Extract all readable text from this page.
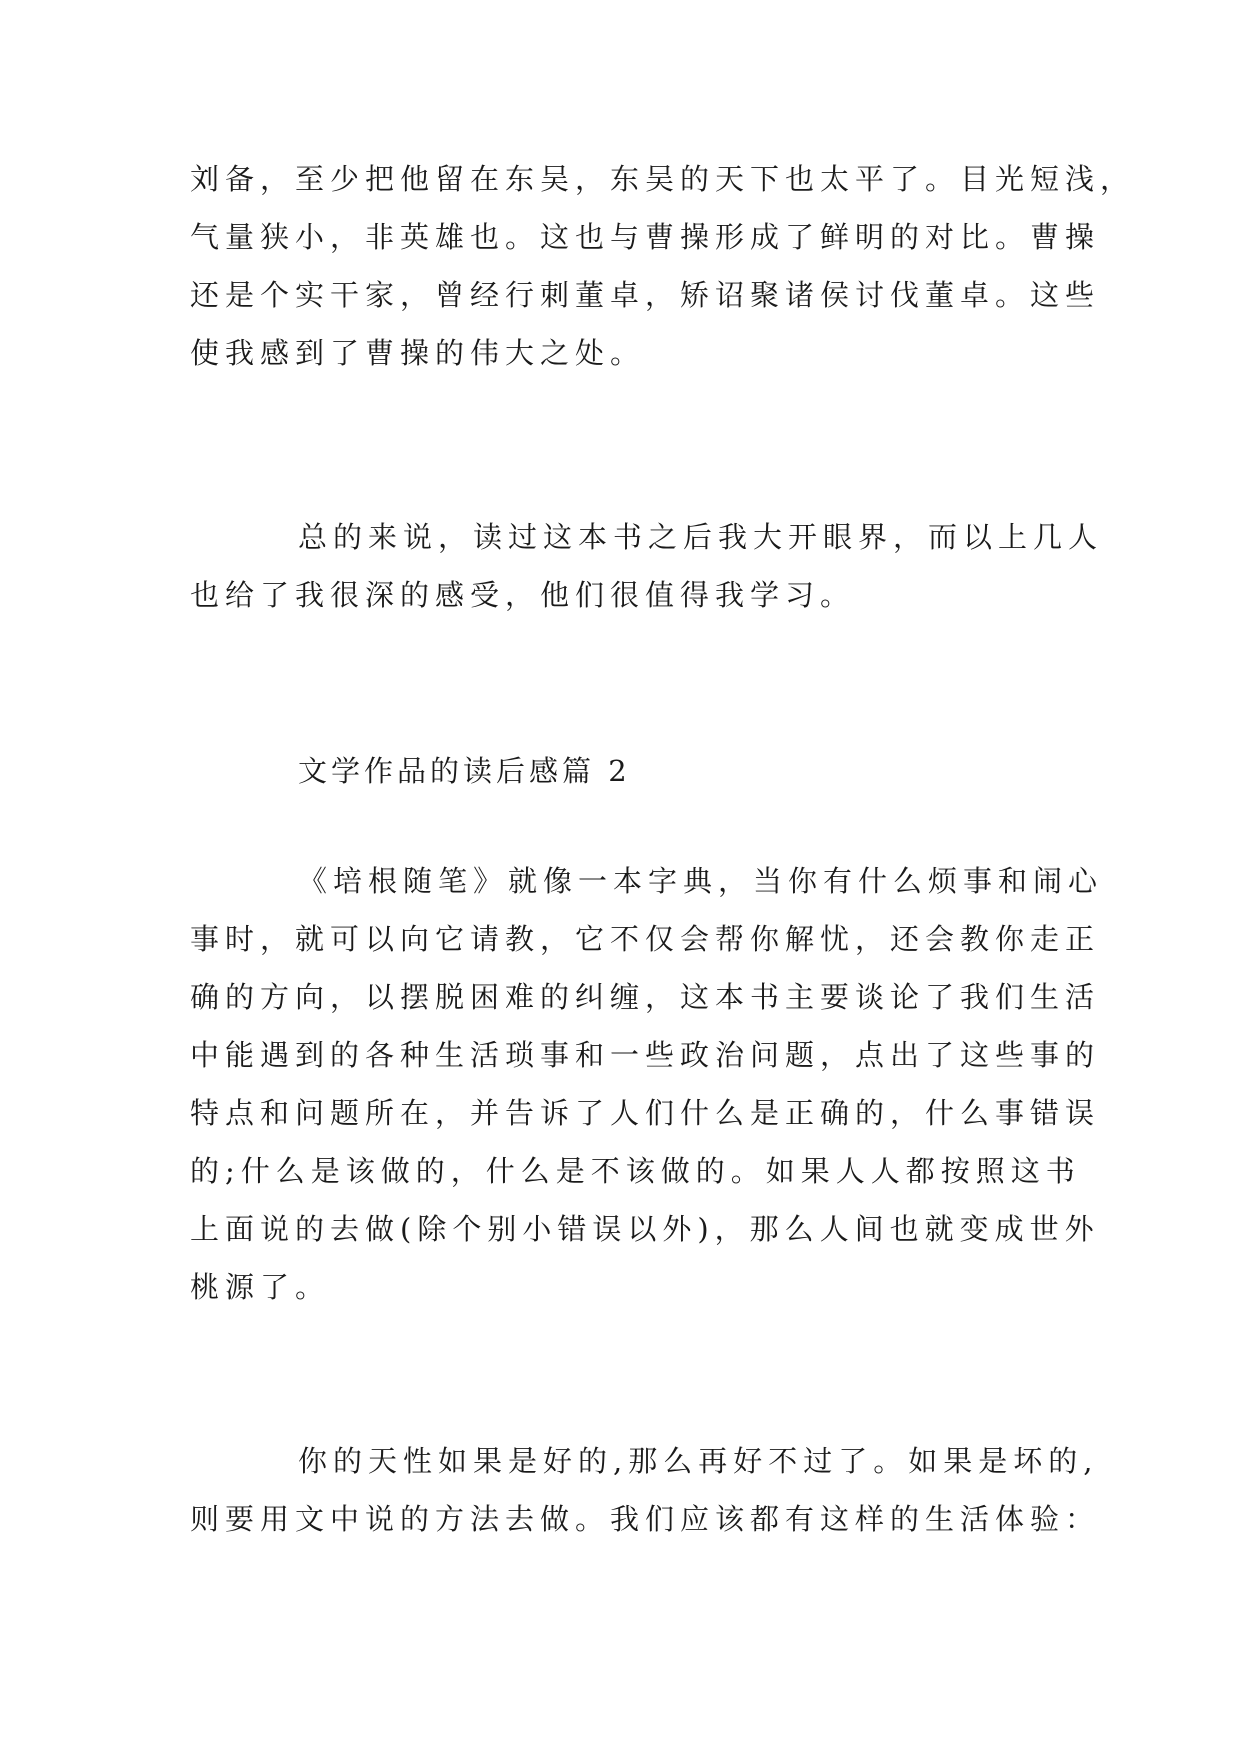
刘备，至少把他留在东吴，东吴的天下也太平了。目光短浅，
气量狭小，非英雄也。这也与曹操形成了鲜明的对比。曹操
还是个实干家，曾经行刺董卓，矫诏聚诸侯讨伐董卓。这些
使我感到了曹操的伟大之处。
总的来说，读过这本书之后我大开眼界，而以上几人
也给了我很深的感受，他们很值得我学习。
文学作品的读后感篇 2
《培根随笔》就像一本字典，当你有什么烦事和闹心
事时，就可以向它请教，它不仅会帮你解忧，还会教你走正
确的方向，以摆脱困难的纠缠，这本书主要谈论了我们生活
中能遇到的各种生活琐事和一些政治问题，点出了这些事的
特点和问题所在，并告诉了人们什么是正确的，什么事错误
的;什么是该做的，什么是不该做的。如果人人都按照这书
上面说的去做(除个别小错误以外)，那么人间也就变成世外
桃源了。
你的天性如果是好的,那么再好不过了。如果是坏的,
则要用文中说的方法去做。我们应该都有这样的生活体验：
